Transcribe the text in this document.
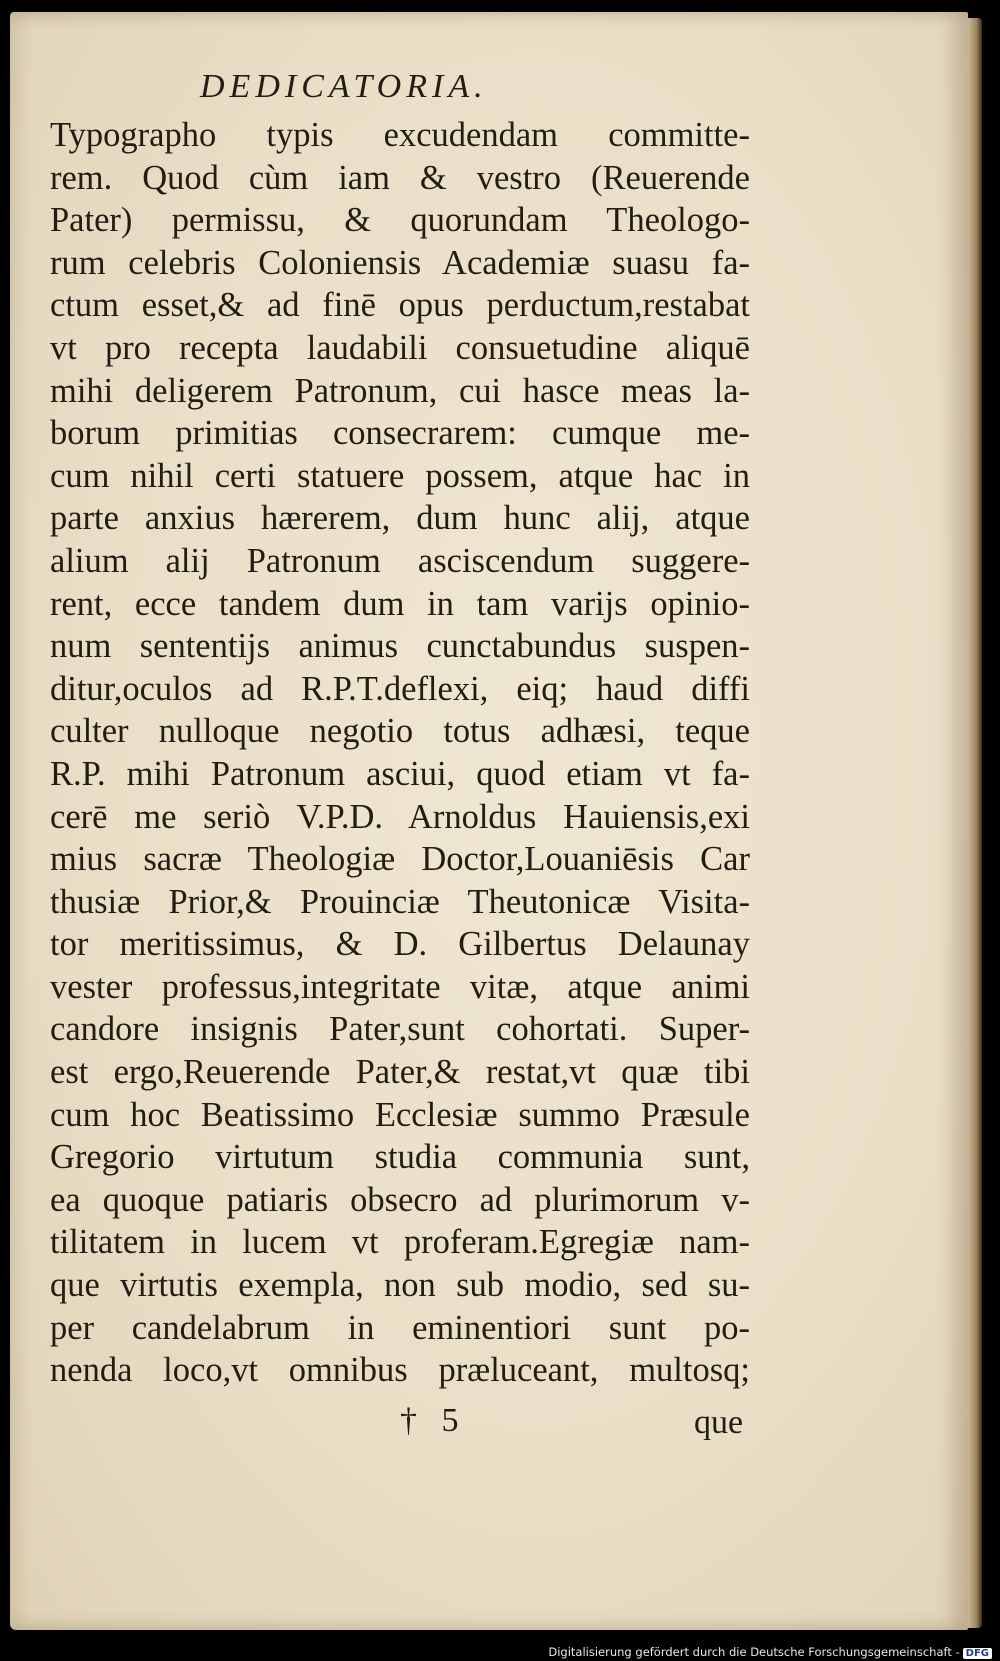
DEDICATORIA.
Typographo typis excudendam committe-
rem. Quod cùm iam & vestro (Reuerende
Pater) permissu, & quorundam Theologo-
rum celebris Coloniensis Academiæ suasu fa-
ctum esset,& ad finē opus perductum,restabat
vt pro recepta laudabili consuetudine aliquē
mihi deligerem Patronum, cui hasce meas la-
borum primitias consecrarem: cumque me-
cum nihil certi statuere possem, atque hac in
parte anxius hærerem, dum hunc alij, atque
alium alij Patronum asciscendum suggere-
rent, ecce tandem dum in tam varijs opinio-
num sententijs animus cunctabundus suspen-
ditur,oculos ad R.P.T.deflexi, eiq; haud diffi
culter nulloque negotio totus adhæsi, teque
R.P. mihi Patronum asciui, quod etiam vt fa-
cerē me seriò V.P.D. Arnoldus Hauiensis,exi
mius sacræ Theologiæ Doctor,Louaniēsis Car
thusiæ Prior,& Prouinciæ Theutonicæ Visita-
tor meritissimus, & D. Gilbertus Delaunay
vester professus,integritate vitæ, atque animi
candore insignis Pater,sunt cohortati. Super-
est ergo,Reuerende Pater,& restat,vt quæ tibi
cum hoc Beatissimo Ecclesiæ summo Præsule
Gregorio virtutum studia communia sunt,
ea quoque patiaris obsecro ad plurimorum v-
tilitatem in lucem vt proferam.Egregiæ nam-
que virtutis exempla, non sub modio, sed su-
per candelabrum in eminentiori sunt po-
nenda loco,vt omnibus præluceant, multosq;
† 5	que
Digitalisierung gefördert durch die Deutsche Forschungsgemeinschaft - DFG
